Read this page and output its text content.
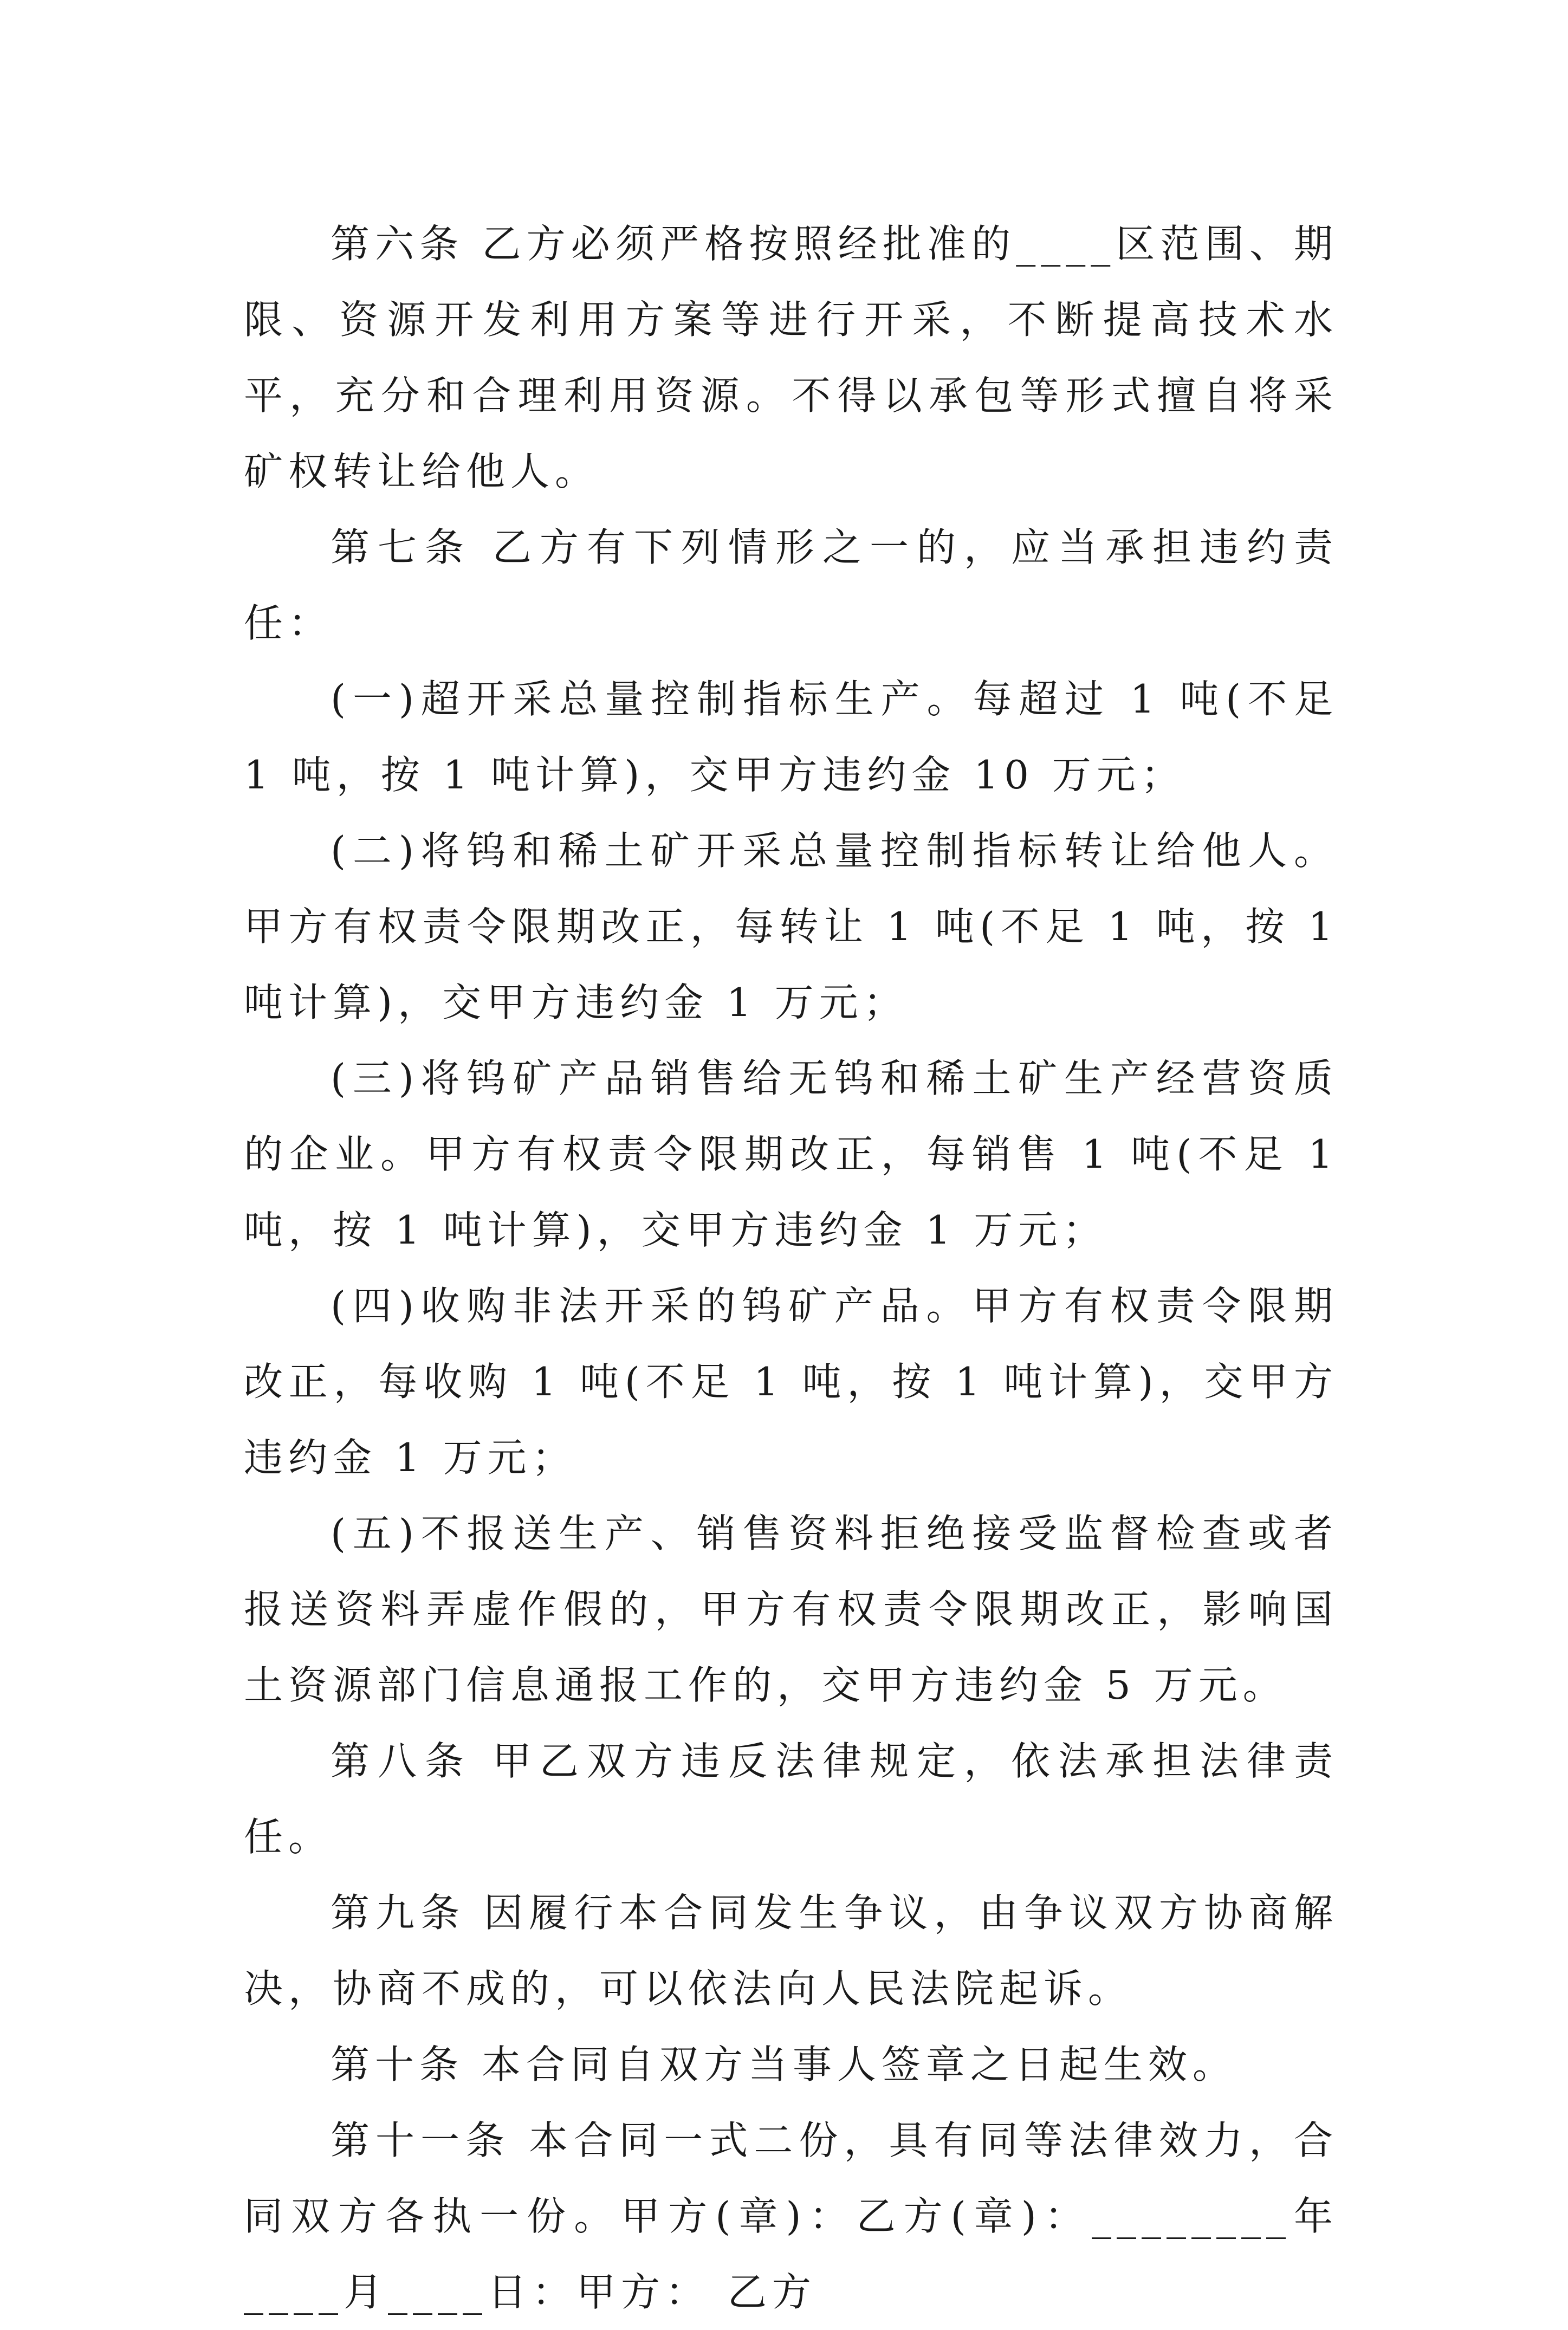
第六条 乙方必须严格按照经批准的____区范围、期限、资源开发利用方案等进行开采，不断提高技术水平，充分和合理利用资源。不得以承包等形式擅自将采矿权转让给他人。

第七条 乙方有下列情形之一的，应当承担违约责任：

(一)超开采总量控制指标生产。每超过 1 吨(不足 1 吨，按 1 吨计算)，交甲方违约金 10 万元；

(二)将钨和稀土矿开采总量控制指标转让给他人。甲方有权责令限期改正，每转让 1 吨(不足 1 吨，按 1 吨计算)，交甲方违约金 1 万元；

(三)将钨矿产品销售给无钨和稀土矿生产经营资质的企业。甲方有权责令限期改正，每销售 1 吨(不足 1 吨，按 1 吨计算)，交甲方违约金 1 万元；

(四)收购非法开采的钨矿产品。甲方有权责令限期改正，每收购 1 吨(不足 1 吨，按 1 吨计算)，交甲方违约金 1 万元；

(五)不报送生产、销售资料拒绝接受监督检查或者报送资料弄虚作假的，甲方有权责令限期改正，影响国土资源部门信息通报工作的，交甲方违约金 5 万元。

第八条 甲乙双方违反法律规定，依法承担法律责任。

第九条 因履行本合同发生争议，由争议双方协商解决，协商不成的，可以依法向人民法院起诉。

第十条 本合同自双方当事人签章之日起生效。

第十一条 本合同一式二份，具有同等法律效力，合同双方各执一份。甲方(章)：乙方(章)：________年____月____日：甲方： 乙方
